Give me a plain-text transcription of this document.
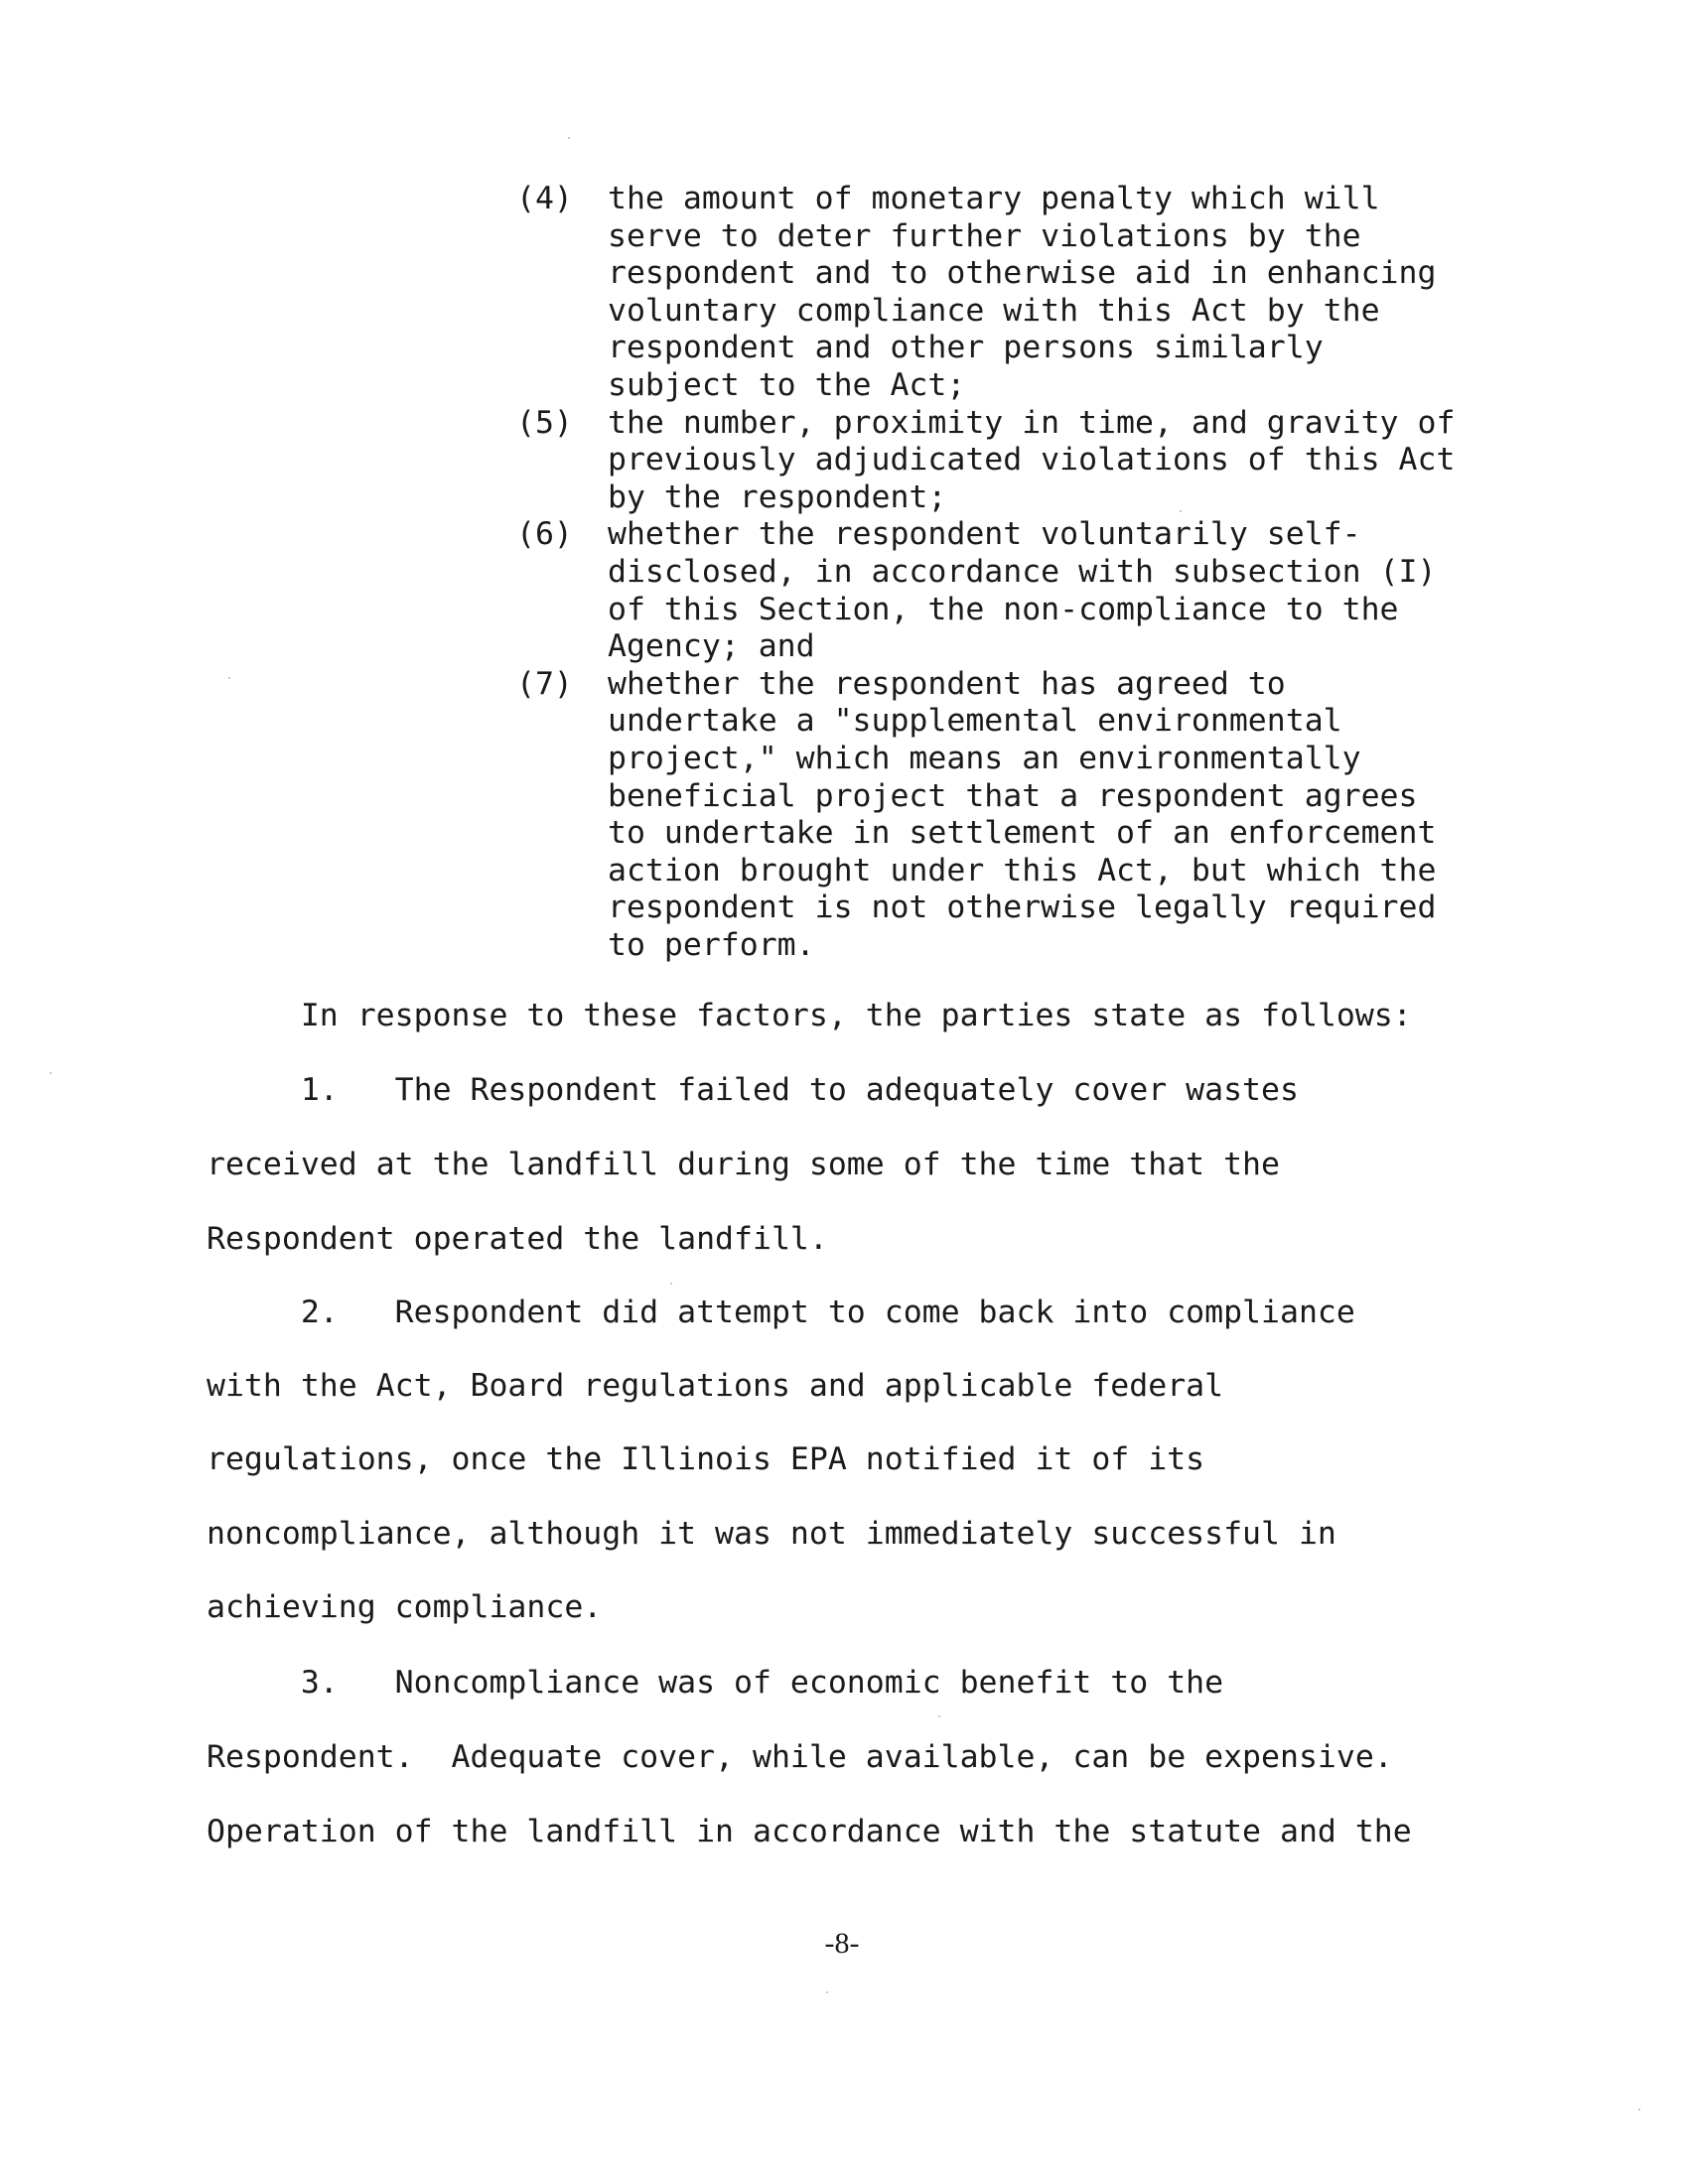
(4)	the amount of monetary penalty which will
serve to deter further violations by the
respondent and to otherwise aid in enhancing
voluntary compliance with this Act by the
respondent and other persons similarly
subject to the Act;
(5)	the number, proximity in time, and gravity of
previously adjudicated violations of this Act
by the respondent;
(6)	whether the respondent voluntarily self-
disclosed, in accordance with subsection (I)
of this Section, the non-compliance to the
Agency; and
(7)	whether the respondent has agreed to
undertake a "supplemental environmental
project," which means an environmentally
beneficial project that a respondent agrees
to undertake in settlement of an enforcement
action brought under this Act, but which the
respondent is not otherwise legally required
to perform.

In response to these factors, the parties state as follows:

1.   The Respondent failed to adequately cover wastes

received at the landfill during some of the time that the

Respondent operated the landfill.

2.   Respondent did attempt to come back into compliance

with the Act, Board regulations and applicable federal

regulations, once the Illinois EPA notified it of its

noncompliance, although it was not immediately successful in

achieving compliance.

3.   Noncompliance was of economic benefit to the

Respondent.  Adequate cover, while available, can be expensive.

Operation of the landfill in accordance with the statute and the

-8-
